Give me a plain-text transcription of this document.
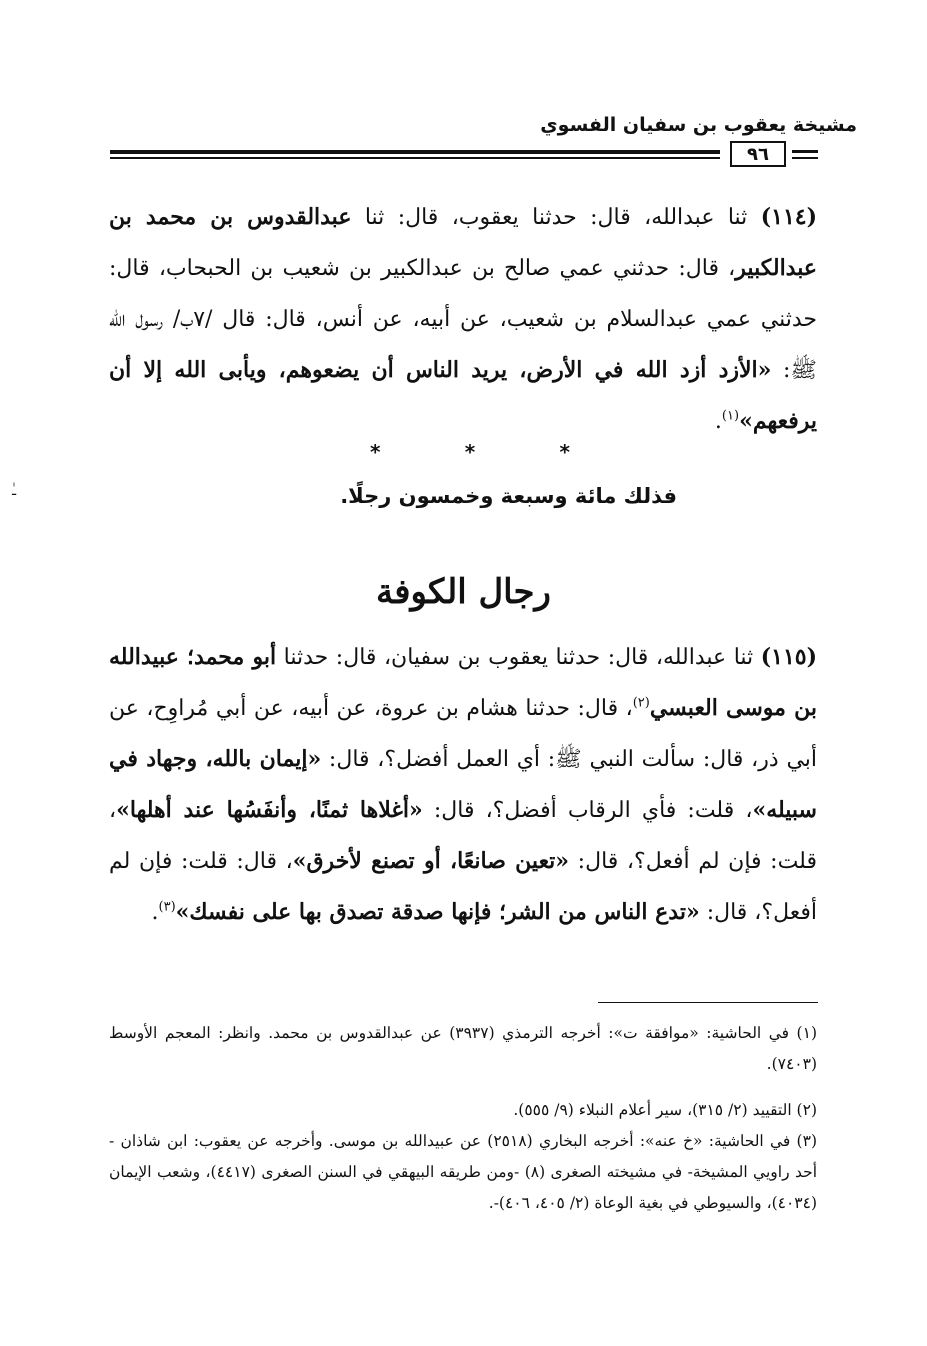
مشيخة يعقوب بن سفيان الفسوي
٩٦
(١١٤) ثنا عبدالله، قال: حدثنا يعقوب، قال: ثنا عبدالقدوس بن محمد بن عبدالكبير، قال: حدثني عمي صالح بن عبدالكبير بن شعيب بن الحبحاب، قال: حدثني عمي عبدالسلام بن شعيب، عن أبيه، عن أنس، قال: قال /٧ب/ رسول الله ﷺ: «الأزد أزد الله في الأرض، يريد الناس أن يضعوهم، ويأبى الله إلا أن يرفعهم»$^{(١)}$.
*
*
*
فذلك مائة وسبعة وخمسون رجلًا.
رجال الكوفة
(١١٥) ثنا عبدالله، قال: حدثنا يعقوب بن سفيان، قال: حدثنا أبو محمد؛ عبيدالله بن موسى العبسي$^{(٢)}$، قال: حدثنا هشام بن عروة، عن أبيه، عن أبي مُراوِح، عن أبي ذر، قال: سألت النبي ﷺ: أي العمل أفضل؟، قال: «إيمان بالله، وجهاد في سبيله»، قلت: فأي الرقاب أفضل؟، قال: «أغلاها ثمنًا، وأنفَسُها عند أهلها»، قلت: فإن لم أفعل؟، قال: «تعين صانعًا، أو تصنع لأخرق»، قال: قلت: فإن لم أفعل؟، قال: «تدع الناس من الشر؛ فإنها صدقة تصدق بها على نفسك»$^{(٣)}$.
(١) في الحاشية: «موافقة ت»: أخرجه الترمذي (٣٩٣٧) عن عبدالقدوس بن محمد. وانظر: المعجم الأوسط (٧٤٠٣).
(٢) التقييد (٢/ ٣١٥)، سير أعلام النبلاء (٩/ ٥٥٥).
(٣) في الحاشية: «خ عنه»: أخرجه البخاري (٢٥١٨) عن عبيدالله بن موسى. وأخرجه عن يعقوب: ابن شاذان - أحد راويي المشيخة- في مشيخته الصغرى (٨) -ومن طريقه البيهقي في السنن الصغرى (٤٤١٧)، وشعب الإيمان (٤٠٣٤)، والسيوطي في بغية الوعاة (٢/ ٤٠٥، ٤٠٦)-.
ـٰ
